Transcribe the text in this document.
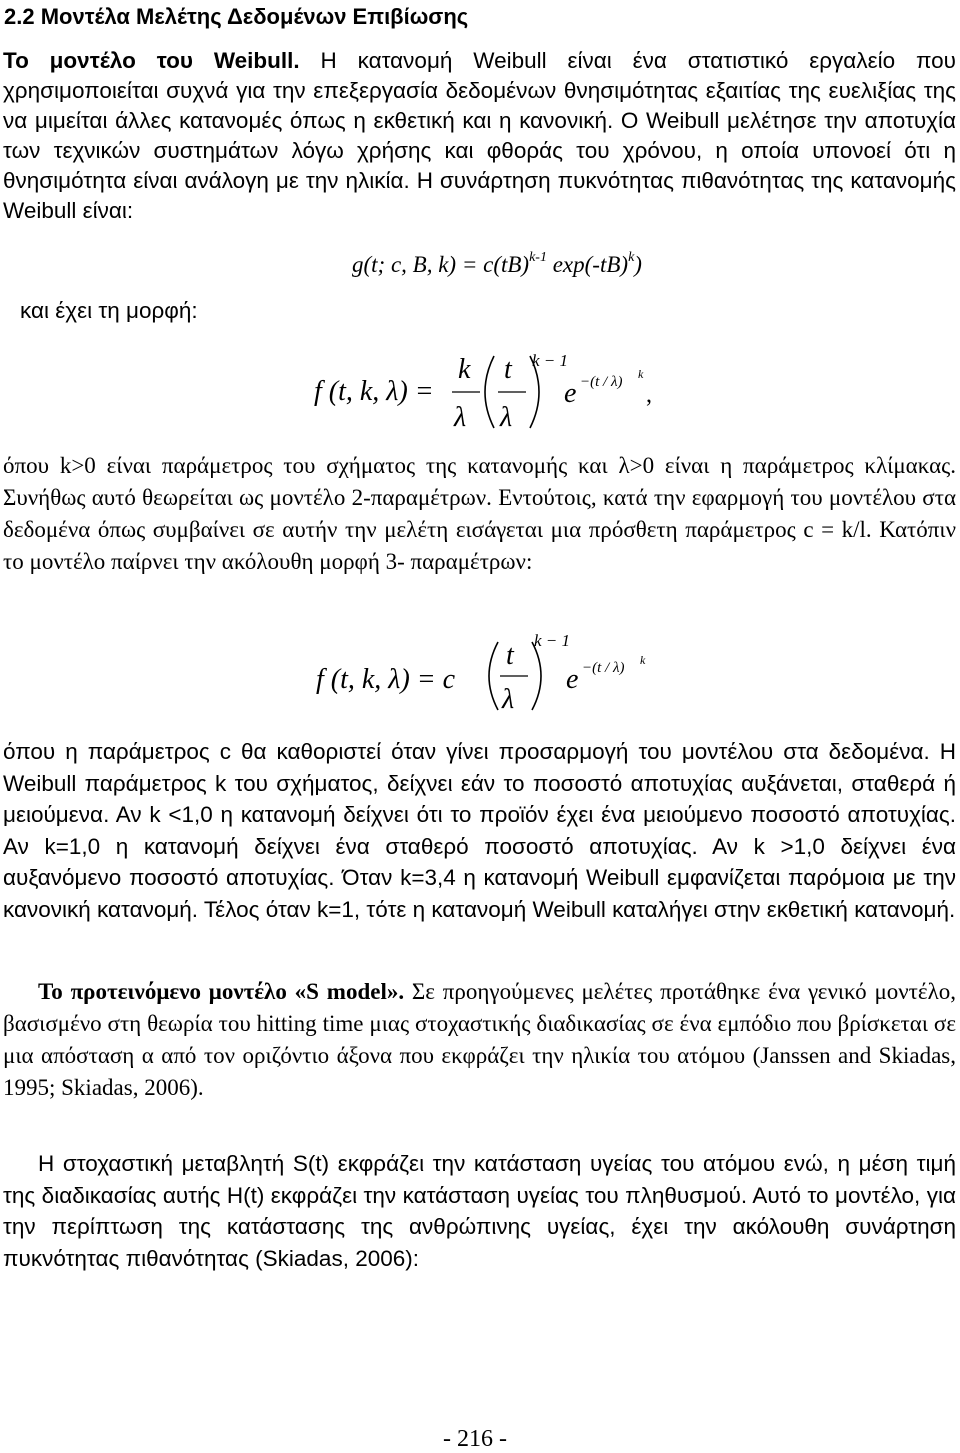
2.2 Μοντέλα Μελέτης Δεδομένων Επιβίωσης

Το μοντέλο του Weibull. Η κατανομή Weibull είναι ένα στατιστικό εργαλείο που χρησιμοποιείται συχνά για την επεξεργασία δεδομένων θνησιμότητας εξαιτίας της ευελιξίας της να μιμείται άλλες κατανομές όπως η εκθετική και η κανονική. Ο Weibull μελέτησε την αποτυχία των τεχνικών συστημάτων λόγω χρήσης και φθοράς του χρόνου, η οποία υπονοεί ότι η θνησιμότητα είναι ανάλογη με την ηλικία. Η συνάρτηση πυκνότητας πιθανότητας της κατανομής Weibull είναι:

g(t; c, B, k) = c(tB)$^{k-1}$ $\exp(-tB)^k$)

και έχει τη μορφή:

f (t, k, λ) =
k
λ
t
λ
k − 1
e −(t / λ) k
,

όπου k>0 είναι παράμετρος του σχήματος της κατανομής και λ>0 είναι η παράμετρος κλίμακας. Συνήθως αυτό θεωρείται ως μοντέλο 2-παραμέτρων. Εντούτοις, κατά την εφαρμογή του μοντέλου στα δεδομένα όπως συμβαίνει σε αυτήν την μελέτη εισάγεται μια πρόσθετη παράμετρος c = k/l. Κατόπιν το μοντέλο παίρνει την ακόλουθη μορφή 3- παραμέτρων:

f (t, k, λ) = c
t
λ
k − 1
e −(t / λ) k

όπου η παράμετρος c θα καθοριστεί όταν γίνει προσαρμογή του μοντέλου στα δεδομένα. Η Weibull παράμετρος k του σχήματος, δείχνει εάν το ποσοστό αποτυχίας αυξάνεται, σταθερά ή μειούμενα. Αν k <1,0 η κατανομή δείχνει ότι το προϊόν έχει ένα μειούμενο ποσοστό αποτυχίας. Αν k=1,0 η κατανομή δείχνει ένα σταθερό ποσοστό αποτυχίας. Αν k >1,0 δείχνει ένα αυξανόμενο ποσοστό αποτυχίας. Όταν k=3,4 η κατανομή Weibull εμφανίζεται παρόμοια με την κανονική κατανομή. Τέλος όταν k=1, τότε η κατανομή Weibull καταλήγει στην εκθετική κατανομή.

Το προτεινόμενο μοντέλο «S model». Σε προηγούμενες μελέτες προτάθηκε ένα γενικό μοντέλο, βασισμένο στη θεωρία του hitting time μιας στοχαστικής διαδικασίας σε ένα εμπόδιο που βρίσκεται σε μια απόσταση α από τον οριζόντιο άξονα που εκφράζει την ηλικία του ατόμου (Janssen and Skiadas, 1995; Skiadas, 2006).

Η στοχαστική μεταβλητή S(t) εκφράζει την κατάσταση υγείας του ατόμου ενώ, η μέση τιμή της διαδικασίας αυτής H(t) εκφράζει την κατάσταση υγείας του πληθυσμού. Αυτό το μοντέλο, για την περίπτωση της κατάστασης της ανθρώπινης υγείας, έχει την ακόλουθη συνάρτηση πυκνότητας πιθανότητας (Skiadas, 2006):

- 216 -
